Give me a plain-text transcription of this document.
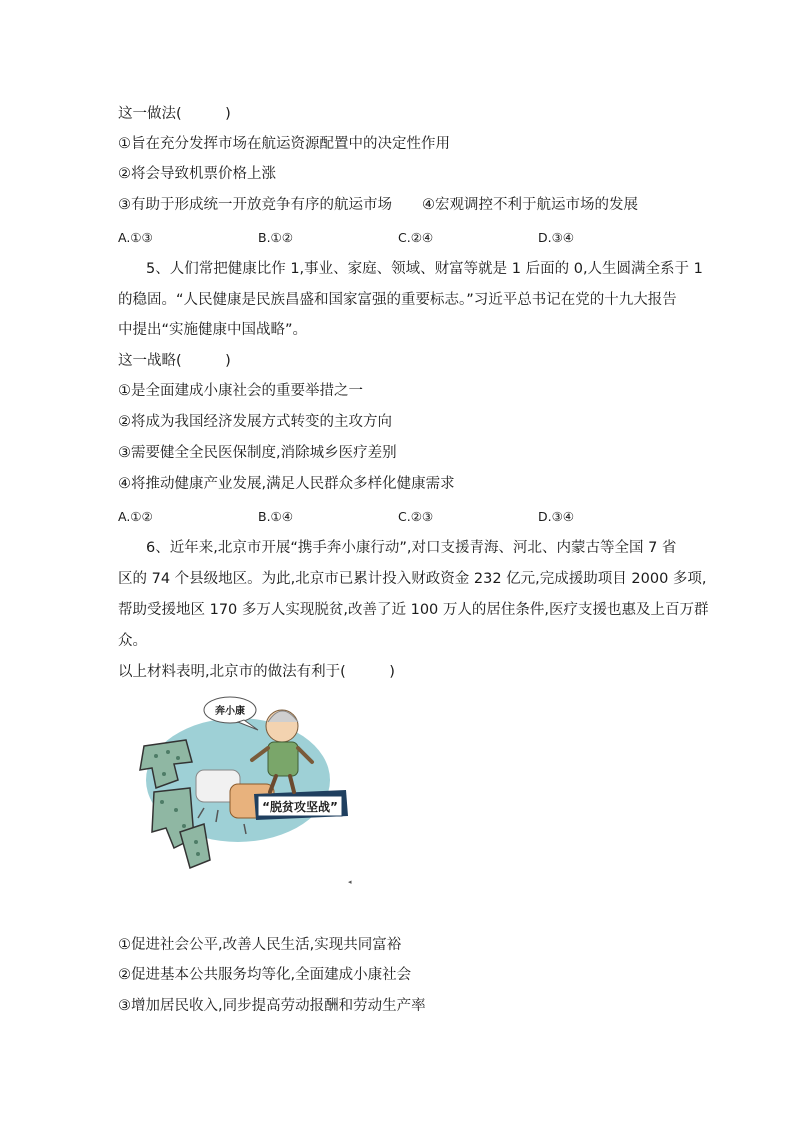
这一做法(　　　)
①旨在充分发挥市场在航运资源配置中的决定性作用
②将会导致机票价格上涨
③有助于形成统一开放竞争有序的航运市场 ④宏观调控不利于航运市场的发展
A.①③	B.①②	C.②④	D.③④
5、人们常把健康比作 1,事业、家庭、领域、财富等就是 1 后面的 0,人生圆满全系于 1
的稳固。“人民健康是民族昌盛和国家富强的重要标志。”习近平总书记在党的十九大报告
中提出“实施健康中国战略”。
这一战略(　　　)
①是全面建成小康社会的重要举措之一
②将成为我国经济发展方式转变的主攻方向
③需要健全全民医保制度,消除城乡医疗差别
④将推动健康产业发展,满足人民群众多样化健康需求
A.①②	B.①④	C.②③	D.③④
6、近年来,北京市开展“携手奔小康行动”,对口支援青海、河北、内蒙古等全国 7 省
区的 74 个县级地区。为此,北京市已累计投入财政资金 232 亿元,完成援助项目 2000 多项,
帮助受援地区 170 多万人实现脱贫,改善了近 100 万人的居住条件,医疗支援也惠及上百万群
众。
以上材料表明,北京市的做法有利于(　　　)
“脱贫攻坚战”
奔小康
◂
①促进社会公平,改善人民生活,实现共同富裕
②促进基本公共服务均等化,全面建成小康社会
③增加居民收入,同步提高劳动报酬和劳动生产率
